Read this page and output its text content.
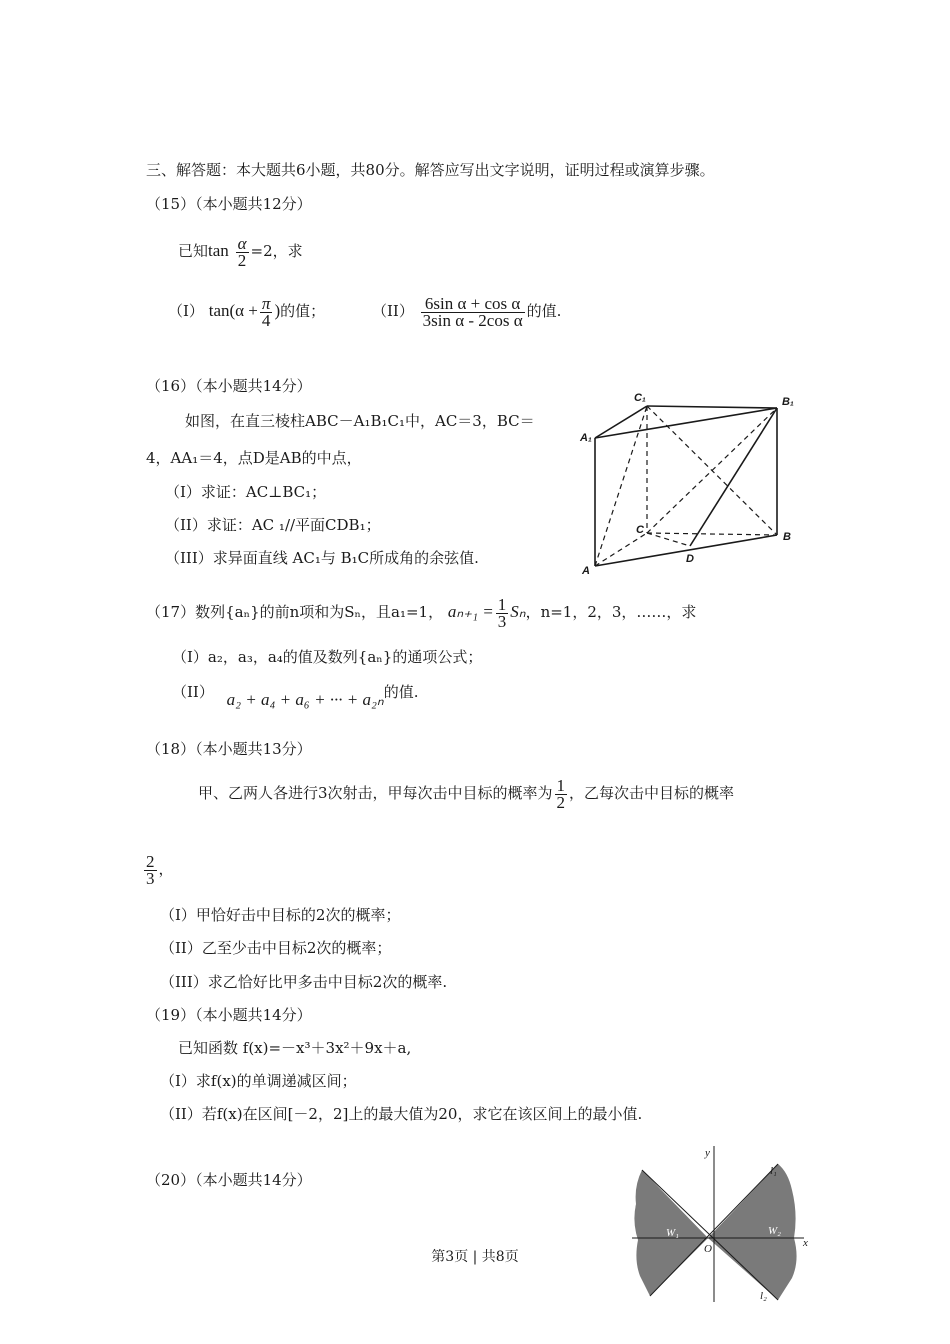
三、解答题：本大题共6小题，共80分。解答应写出文字说明，证明过程或演算步骤。
（15）（本小题共12分）
已知$\tan \frac{\alpha}{2} =2$，求
（I） $\tan(\alpha + \frac{\pi}{4}$ )的值；	$(II) \frac{\text{6sin α + cos α}}{\text{3sin α - 2cos α}}$ 的值.
（16）（本小题共14分）
如图，在直三棱柱ABC－A₁B₁C₁中，AC＝3，BC＝
4，AA₁＝4，点D是AB的中点，
（I）求证：AC⊥BC₁；
（II）求证：AC ₁//平面CDB₁；
（III）求异面直线 AC₁与 B₁C所成角的余弦值.
C₁	B₁
A₁
C
B
A
D
（17）数列{aₙ}的前n项和为Sₙ，且a₁=1， $a_{n+1} = \frac{1}{3}$ Sₙ，n=1，2，3，……，求
（I）a₂，a₃，a₄的值及数列{aₙ}的通项公式；
（II） a₂ + a₄ + a₆ + ··· + a₂ₙ的值.
（18）（本小题共13分）
甲、乙两人各进行3次射击，甲每次击中目标的概率为 $\frac{1}{2}$ ，乙每次击中目标的概率
$\frac{2}{3}$ ，
（I）甲恰好击中目标的2次的概率；
（II）乙至少击中目标2次的概率；
（III）求乙恰好比甲多击中目标2次的概率.
（19）（本小题共14分）
已知函数 f(x)=－x³＋3x²＋9x＋a,
（I）求f(x)的单调递减区间；
（II）若f(x)在区间[－2，2]上的最大值为20，求它在该区间上的最小值.
（20）（本小题共14分）
y
x
O
l₁
l₂
W₁	W₂
第3页 | 共8页
